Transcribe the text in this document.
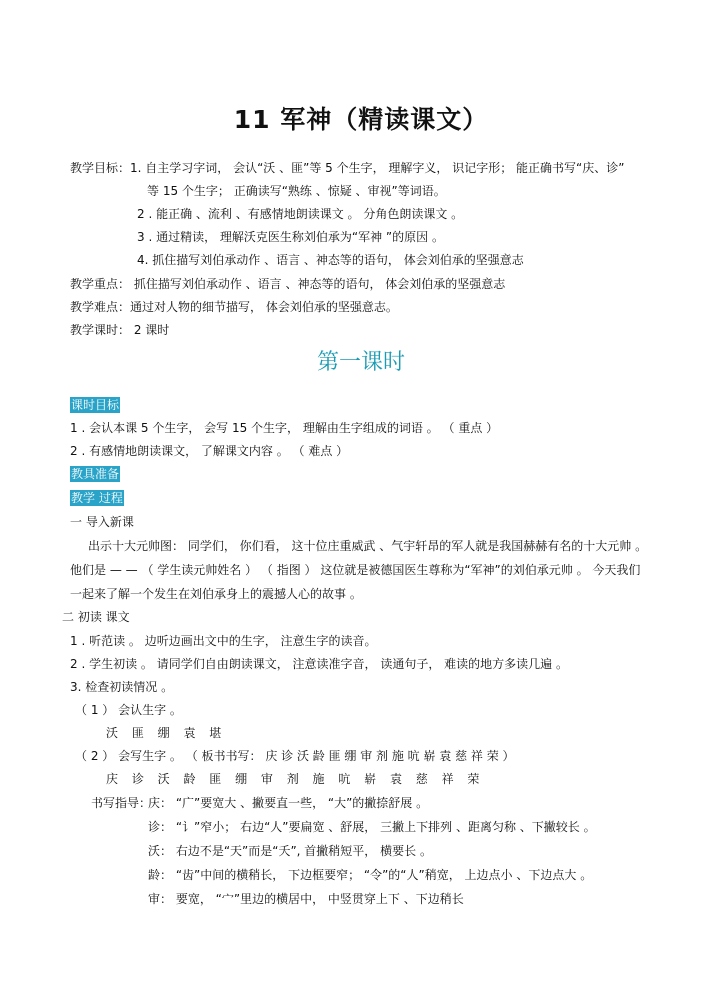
11 军神（精读课文）
教学目标：1. 自主学习字词， 会认“沃 、匪”等 5 个生字， 理解字义， 识记字形； 能正确书写“庆、诊”
等 15 个生字； 正确读写“熟练 、惊疑 、审视”等词语。
2 . 能正确 、流利 、有感情地朗读课文 。 分角色朗读课文 。
3 . 通过精读， 理解沃克医生称刘伯承为“军神 ”的原因 。
4. 抓住描写刘伯承动作 、语言 、神态等的语句， 体会刘伯承的坚强意志
教学重点： 抓住描写刘伯承动作 、语言 、神态等的语句， 体会刘伯承的坚强意志
教学难点：通过对人物的细节描写， 体会刘伯承的坚强意志。
教学课时： 2 课时
第一课时
课时目标
1 . 会认本课 5 个生字， 会写 15 个生字， 理解由生字组成的词语 。 （ 重点 ）
2 . 有感情地朗读课文， 了解课文内容 。 （ 难点 ）
教具准备
教学 过程
一 导入新课
出示十大元帅图： 同学们， 你们看， 这十位庄重威武 、气宇轩昂的军人就是我国赫赫有名的十大元帅 。
他们是 — — （ 学生读元帅姓名 ） （ 指图 ） 这位就是被德国医生尊称为“军神”的刘伯承元帅 。 今天我们
一起来了解一个发生在刘伯承身上的震撼人心的故事 。
二 初读 课文
1 . 听范读 。 边听边画出文中的生字， 注意生字的读音。
2 . 学生初读 。 请同学们自由朗读课文， 注意读准字音， 读通句子， 难读的地方多读几遍 。
3. 检查初读情况 。
（ 1 ） 会认生字 。
沃 匪 绷 袁 堪
（ 2 ） 会写生字 。 （ 板书书写： 庆 诊 沃 龄 匪 绷 审 剂 施 吭 崭 袁 慈 祥 荣 ）
庆 诊 沃 龄 匪 绷 审 剂 施 吭 崭 袁 慈 祥 荣
书写指导：
庆： “广”要宽大 、撇要直一些， “大”的撇捺舒展 。
诊： “讠”窄小； 右边“人”要扁宽 、舒展， 三撇上下排列 、距离匀称 、下撇较长 。
沃： 右边不是“天”而是“夭”, 首撇稍短平， 横要长 。
龄： “齿”中间的横稍长， 下边框要窄； “令”的“人”稍宽， 上边点小 、下边点大 。
审： 要宽， “宀”里边的横居中， 中竖贯穿上下 、下边稍长
